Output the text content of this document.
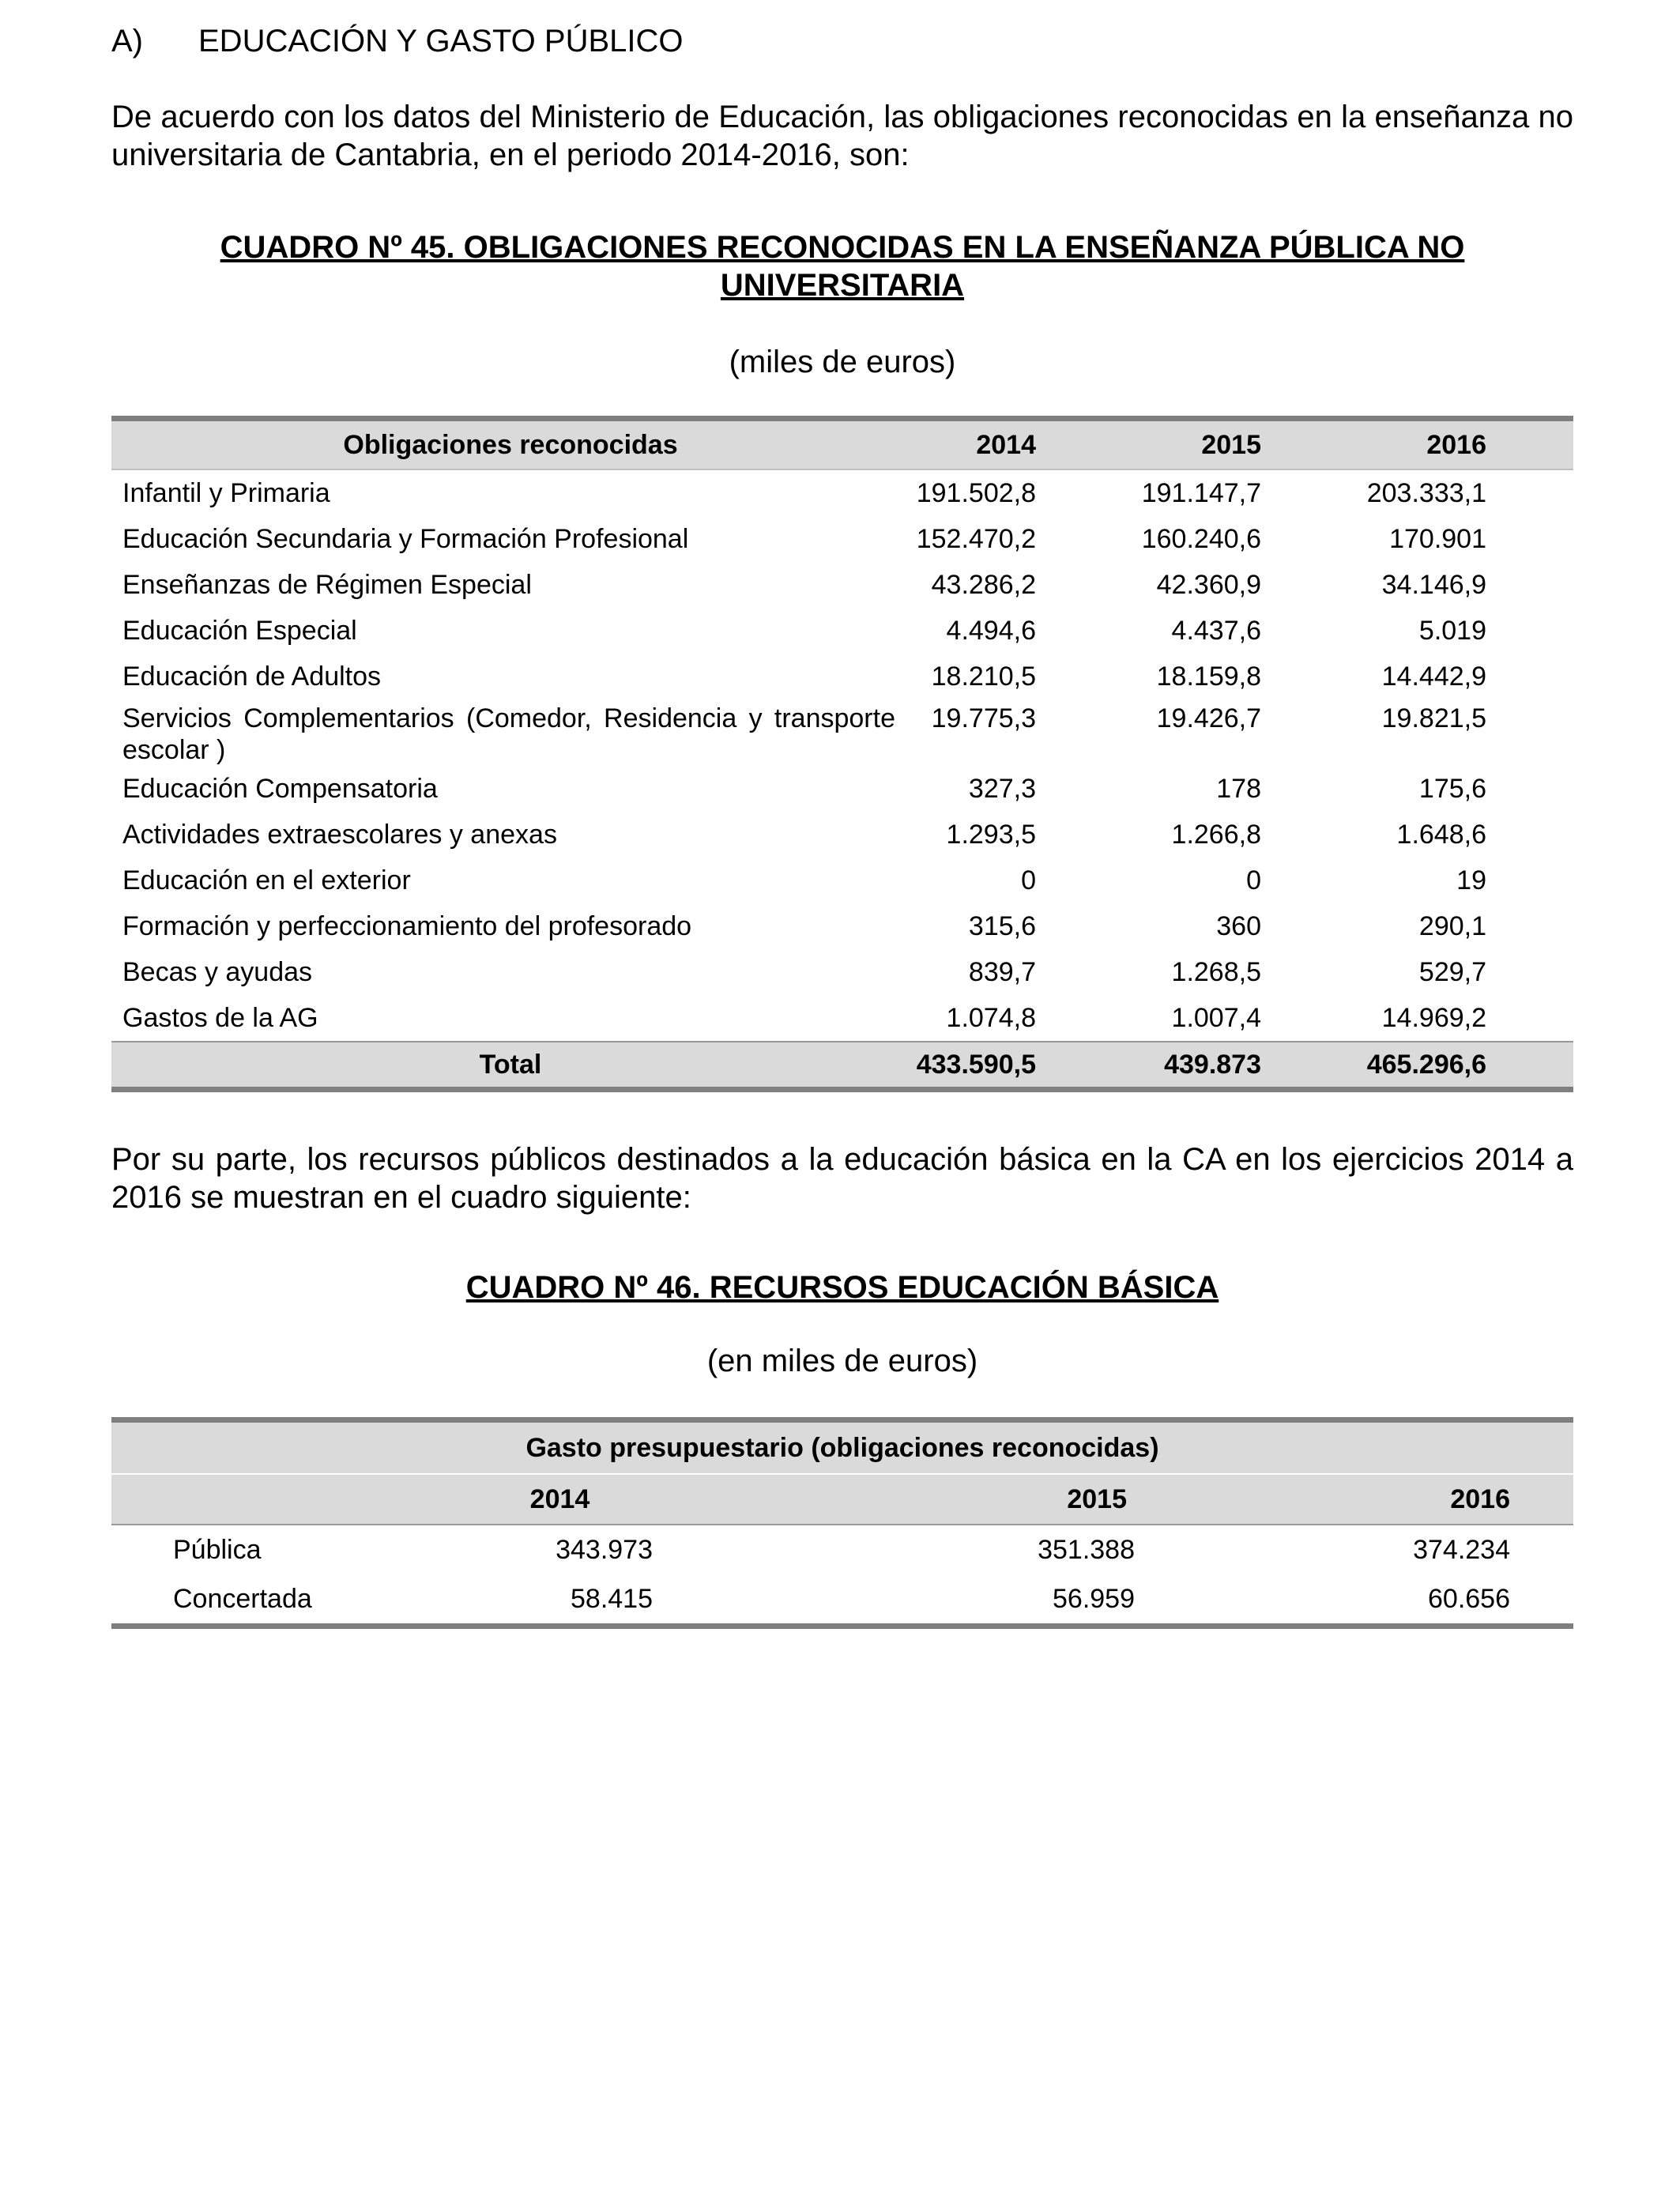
A) EDUCACIÓN Y GASTO PÚBLICO
De acuerdo con los datos del Ministerio de Educación, las obligaciones reconocidas en la enseñanza no universitaria de Cantabria, en el periodo 2014-2016, son:
CUADRO Nº 45. OBLIGACIONES RECONOCIDAS EN LA ENSEÑANZA PÚBLICA NO
UNIVERSITARIA
(miles de euros)
Obligaciones reconocidas	2014	2015	2016
Infantil y Primaria	191.502,8	191.147,7	203.333,1
Educación Secundaria y Formación Profesional	152.470,2	160.240,6	170.901
Enseñanzas de Régimen Especial	43.286,2	42.360,9	34.146,9
Educación Especial	4.494,6	4.437,6	5.019
Educación de Adultos	18.210,5	18.159,8	14.442,9
Servicios Complementarios (Comedor, Residencia y transporte escolar )	19.775,3	19.426,7	19.821,5
Educación Compensatoria	327,3	178	175,6
Actividades extraescolares y anexas	1.293,5	1.266,8	1.648,6
Educación en el exterior	0	0	19
Formación y perfeccionamiento del profesorado	315,6	360	290,1
Becas y ayudas	839,7	1.268,5	529,7
Gastos de la AG	1.074,8	1.007,4	14.969,2
Total	433.590,5	439.873	465.296,6
Por su parte, los recursos públicos destinados a la educación básica en la CA en los ejercicios 2014 a 2016 se muestran en el cuadro siguiente:
CUADRO Nº 46. RECURSOS EDUCACIÓN BÁSICA
(en miles de euros)
Gasto presupuestario (obligaciones reconocidas)			
	2014	2015	2016
Pública	343.973	351.388	374.234
Concertada	58.415	56.959	60.656
